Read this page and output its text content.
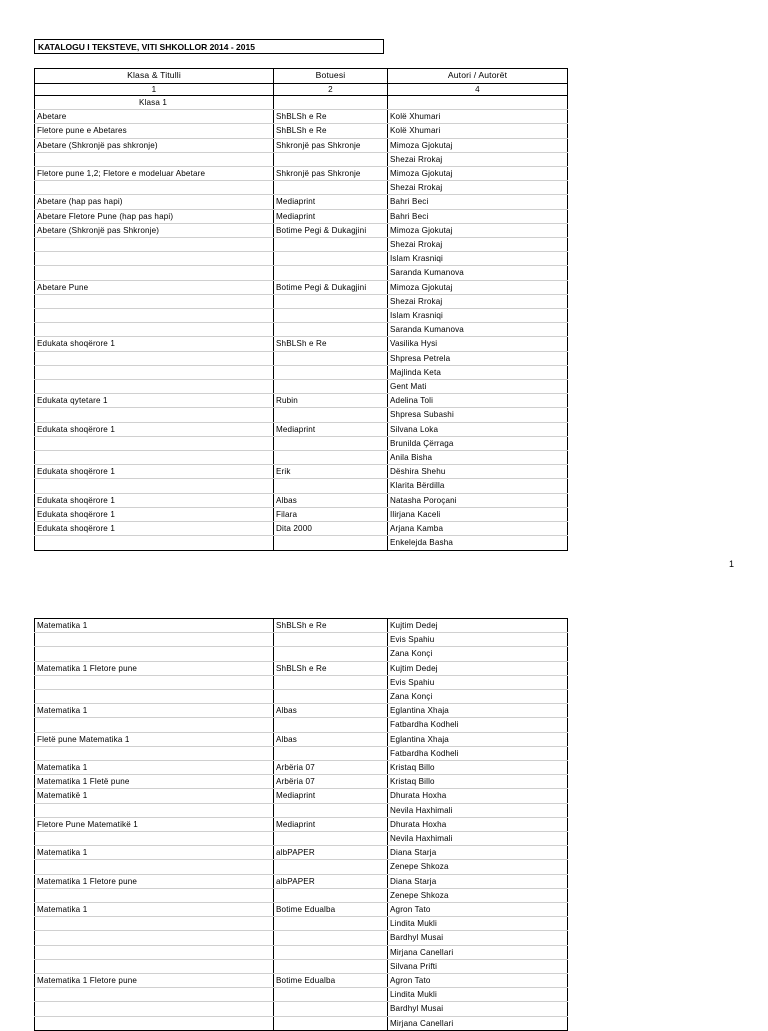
KATALOGU I TEKSTEVE, VITI SHKOLLOR 2014 - 2015
Klasa & Titulli	Botuesi	Autori / Autorët
1	2	4
Klasa 1		
Abetare	ShBLSh e Re	Kolë Xhumari
Fletore pune e Abetares	ShBLSh e Re	Kolë Xhumari
Abetare (Shkronjë pas shkronje)	Shkronjë pas Shkronje	Mimoza Gjokutaj
		Shezai Rrokaj
Fletore pune 1,2; Fletore e modeluar Abetare	Shkronjë pas Shkronje	Mimoza Gjokutaj
		Shezai Rrokaj
Abetare (hap pas hapi)	Mediaprint	Bahri Beci
Abetare Fletore Pune (hap pas hapi)	Mediaprint	Bahri Beci
Abetare (Shkronjë pas Shkronje)	Botime Pegi & Dukagjini	Mimoza Gjokutaj
		Shezai Rrokaj
		Islam Krasniqi
		Saranda Kumanova
Abetare Pune	Botime Pegi & Dukagjini	Mimoza Gjokutaj
		Shezai Rrokaj
		Islam Krasniqi
		Saranda Kumanova
Edukata shoqërore 1	ShBLSh e Re	Vasilika Hysi
		Shpresa Petrela
		Majlinda Keta
		Gent Mati
Edukata qytetare 1	Rubin	Adelina Toli
		Shpresa Subashi
Edukata shoqërore 1	Mediaprint	Silvana Loka
		Brunilda Çërraga
		Anila Bisha
Edukata shoqërore 1	Erik	Dëshira Shehu
		Klarita Bërdilla
Edukata shoqërore 1	Albas	Natasha Poroçani
Edukata shoqërore 1	Filara	Ilirjana Kaceli
Edukata shoqërore 1	Dita 2000	Arjana Kamba
		Enkelejda Basha
1
Matematika 1	ShBLSh e Re	Kujtim Dedej
		Evis Spahiu
		Zana Konçi
Matematika 1 Fletore pune	ShBLSh e Re	Kujtim Dedej
		Evis Spahiu
		Zana Konçi
Matematika 1	Albas	Eglantina Xhaja
		Fatbardha Kodheli
Fletë pune Matematika 1	Albas	Eglantina Xhaja
		Fatbardha Kodheli
Matematika 1	Arbëria 07	Kristaq Billo
Matematika 1 Fletë pune	Arbëria 07	Kristaq Billo
Matematikë 1	Mediaprint	Dhurata Hoxha
		Nevila Haxhimali
Fletore Pune Matematikë 1	Mediaprint	Dhurata Hoxha
		Nevila Haxhimali
Matematika 1	albPAPER	Diana Starja
		Zenepe Shkoza
Matematika 1 Fletore pune	albPAPER	Diana Starja
		Zenepe Shkoza
Matematika 1	Botime Edualba	Agron Tato
		Lindita Mukli
		Bardhyl Musai
		Mirjana Canellari
		Silvana Prifti
Matematika 1 Fletore pune	Botime Edualba	Agron Tato
		Lindita Mukli
		Bardhyl Musai
		Mirjana Canellari
